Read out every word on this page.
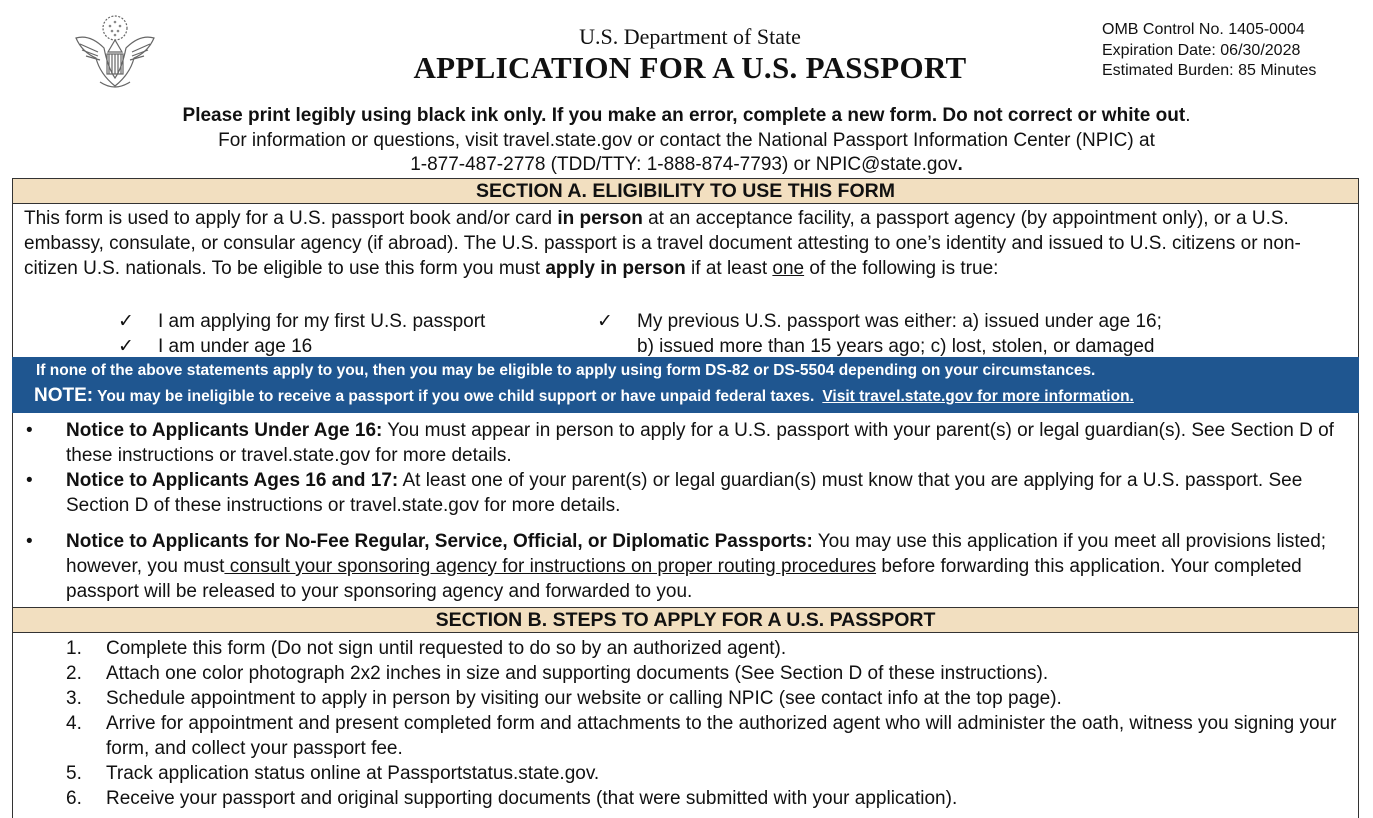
U.S. Department of State
APPLICATION FOR A U.S. PASSPORT
OMB Control No. 1405-0004
Expiration Date: 06/30/2028
Estimated Burden: 85 Minutes
Please print legibly using black ink only. If you make an error, complete a new form. Do not correct or white out.
For information or questions, visit travel.state.gov or contact the National Passport Information Center (NPIC) at
1-877-487-2778 (TDD/TTY: 1-888-874-7793) or NPIC@state.gov.
SECTION A. ELIGIBILITY TO USE THIS FORM
This form is used to apply for a U.S. passport book and/or card in person at an acceptance facility, a passport agency (by appointment only), or a U.S. embassy, consulate, or consular agency (if abroad). The U.S. passport is a travel document attesting to one’s identity and issued to U.S. citizens or non-citizen U.S. nationals. To be eligible to use this form you must apply in person if at least one of the following is true:
✓ I am applying for my first U.S. passport
✓ I am under age 16
✓ My previous U.S. passport was either: a) issued under age 16;
b) issued more than 15 years ago; c) lost, stolen, or damaged
If none of the above statements apply to you, then you may be eligible to apply using form DS-82 or DS-5504 depending on your circumstances.
NOTE: You may be ineligible to receive a passport if you owe child support or have unpaid federal taxes. Visit travel.state.gov for more information.
• Notice to Applicants Under Age 16: You must appear in person to apply for a U.S. passport with your parent(s) or legal guardian(s). See Section D of these instructions or travel.state.gov for more details.
• Notice to Applicants Ages 16 and 17: At least one of your parent(s) or legal guardian(s) must know that you are applying for a U.S. passport. See Section D of these instructions or travel.state.gov for more details.
• Notice to Applicants for No-Fee Regular, Service, Official, or Diplomatic Passports: You may use this application if you meet all provisions listed; however, you must consult your sponsoring agency for instructions on proper routing procedures before forwarding this application. Your completed passport will be released to your sponsoring agency and forwarded to you.
SECTION B. STEPS TO APPLY FOR A U.S. PASSPORT
1. Complete this form (Do not sign until requested to do so by an authorized agent).
2. Attach one color photograph 2x2 inches in size and supporting documents (See Section D of these instructions).
3. Schedule appointment to apply in person by visiting our website or calling NPIC (see contact info at the top page).
4. Arrive for appointment and present completed form and attachments to the authorized agent who will administer the oath, witness you signing your form, and collect your passport fee.
5. Track application status online at Passportstatus.state.gov.
6. Receive your passport and original supporting documents (that were submitted with your application).
